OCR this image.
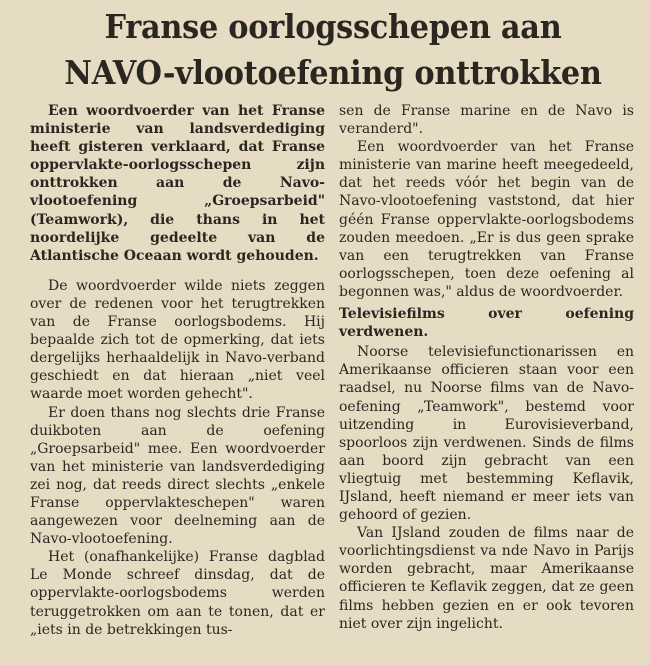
Franse oorlogsschepen aan
NAVO-vlootoefening onttrokken

Een woordvoerder van het Franse ministerie van landsverdediging heeft gisteren verklaard, dat Franse oppervlakte-oorlogsschepen zijn onttrokken aan de Navo-vlootoefening „Groepsarbeid" (Teamwork), die thans in het noordelijke gedeelte van de Atlantische Oceaan wordt gehouden.

De woordvoerder wilde niets zeggen over de redenen voor het terugtrekken van de Franse oorlogsbodems. Hij bepaalde zich tot de opmerking, dat iets dergelijks herhaaldelijk in Navo-verband geschiedt en dat hieraan „niet veel waarde moet worden gehecht".

Er doen thans nog slechts drie Franse duikboten aan de oefening „Groepsarbeid" mee. Een woordvoerder van het ministerie van landsverdediging zei nog, dat reeds direct slechts „enkele Franse oppervlakteschepen" waren aangewezen voor deelneming aan de Navo-vlootoefening.

Het (onafhankelijke) Franse dagblad Le Monde schreef dinsdag, dat de oppervlakte-oorlogsbodems werden teruggetrokken om aan te tonen, dat er „iets in de betrekkingen tus-

sen de Franse marine en de Navo is veranderd".

Een woordvoerder van het Franse ministerie van marine heeft meegedeeld, dat het reeds vóór het begin van de Navo-vlootoefening vaststond, dat hier géén Franse oppervlakte-oorlogsbodems zouden meedoen. „Er is dus geen sprake van een terugtrekken van Franse oorlogsschepen, toen deze oefening al begonnen was," aldus de woordvoerder.

Televisiefilms over oefening verdwenen.

Noorse televisiefunctionarissen en Amerikaanse officieren staan voor een raadsel, nu Noorse films van de Navo-oefening „Teamwork", bestemd voor uitzending in Eurovisieverband, spoorloos zijn verdwenen. Sinds de films aan boord zijn gebracht van een vliegtuig met bestemming Keflavik, IJsland, heeft niemand er meer iets van gehoord of gezien.

Van IJsland zouden de films naar de voorlichtingsdienst va nde Navo in Parijs worden gebracht, maar Amerikaanse officieren te Keflavik zeggen, dat ze geen films hebben gezien en er ook tevoren niet over zijn ingelicht.
